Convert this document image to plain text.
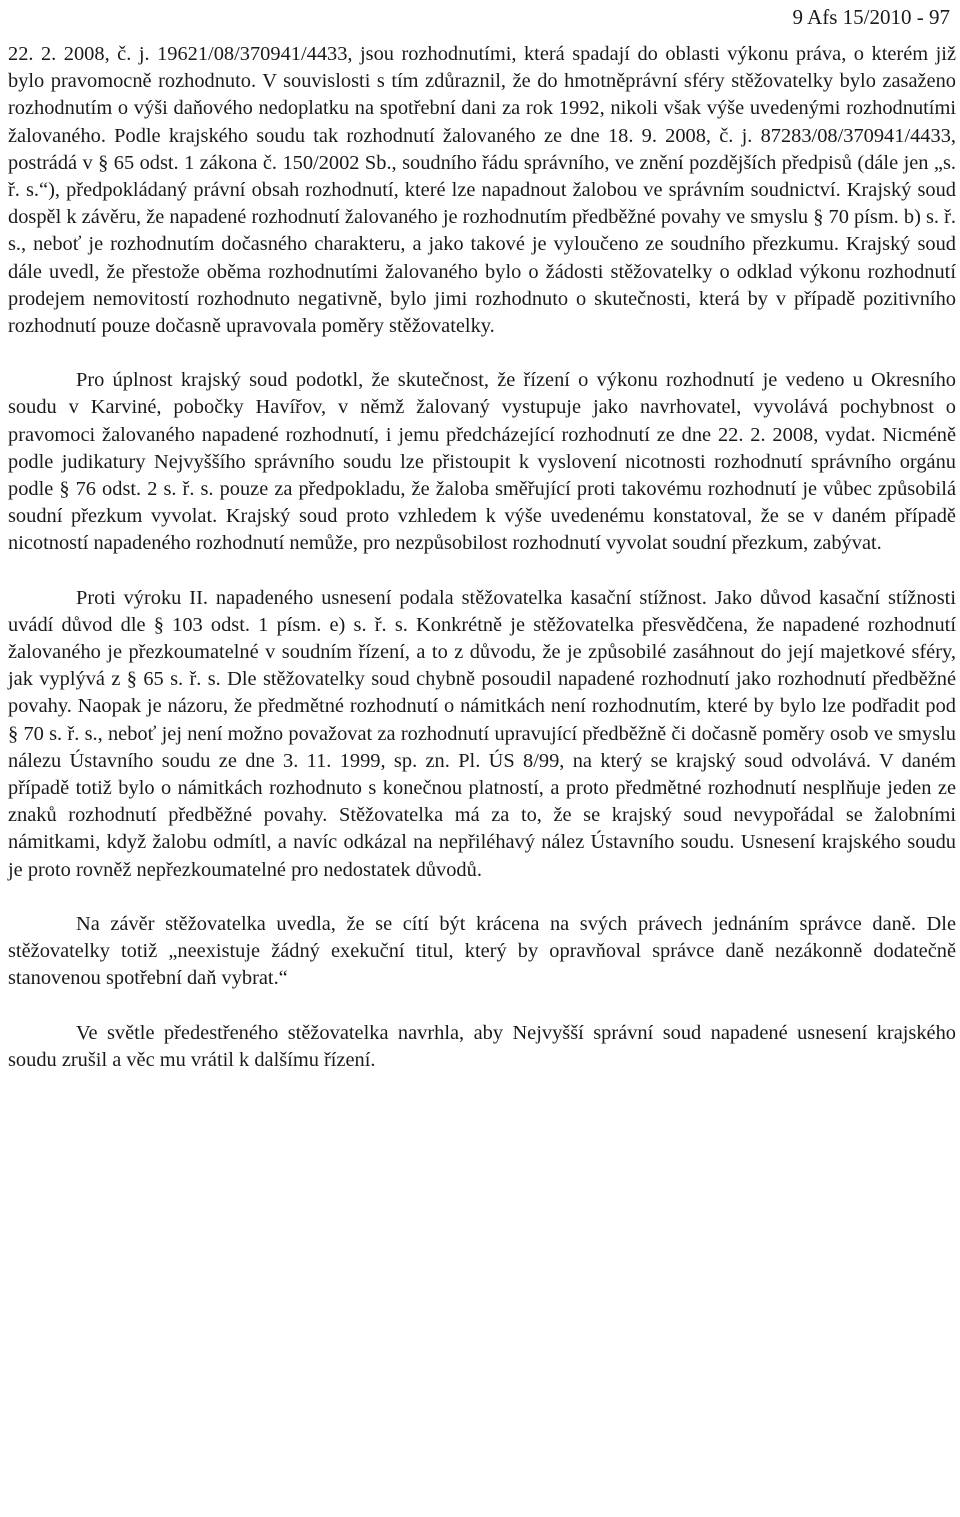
9 Afs 15/2010 - 97

22. 2. 2008, č. j. 19621/08/370941/4433, jsou rozhodnutími, která spadají do oblasti výkonu práva, o kterém již bylo pravomocně rozhodnuto. V souvislosti s tím zdůraznil, že do hmotněprávní sféry stěžovatelky bylo zasaženo rozhodnutím o výši daňového nedoplatku na spotřební dani za rok 1992, nikoli však výše uvedenými rozhodnutími žalovaného. Podle krajského soudu tak rozhodnutí žalovaného ze dne 18. 9. 2008, č. j. 87283/08/370941/4433, postrádá v § 65 odst. 1 zákona č. 150/2002 Sb., soudního řádu správního, ve znění pozdějších předpisů (dále jen „s. ř. s.“), předpokládaný právní obsah rozhodnutí, které lze napadnout žalobou ve správním soudnictví. Krajský soud dospěl k závěru, že napadené rozhodnutí žalovaného je rozhodnutím předběžné povahy ve smyslu § 70 písm. b) s. ř. s., neboť je rozhodnutím dočasného charakteru, a jako takové je vyloučeno ze soudního přezkumu. Krajský soud dále uvedl, že přestože oběma rozhodnutími žalovaného bylo o žádosti stěžovatelky o odklad výkonu rozhodnutí prodejem nemovitostí rozhodnuto negativně, bylo jimi rozhodnuto o skutečnosti, která by v případě pozitivního rozhodnutí pouze dočasně upravovala poměry stěžovatelky.

Pro úplnost krajský soud podotkl, že skutečnost, že řízení o výkonu rozhodnutí je vedeno u Okresního soudu v Karviné, pobočky Havířov, v němž žalovaný vystupuje jako navrhovatel, vyvolává pochybnost o pravomoci žalovaného napadené rozhodnutí, i jemu předcházející rozhodnutí ze dne 22. 2. 2008, vydat. Nicméně podle judikatury Nejvyššího správního soudu lze přistoupit k vyslovení nicotnosti rozhodnutí správního orgánu podle § 76 odst. 2 s. ř. s. pouze za předpokladu, že žaloba směřující proti takovému rozhodnutí je vůbec způsobilá soudní přezkum vyvolat. Krajský soud proto vzhledem k výše uvedenému konstatoval, že se v daném případě nicotností napadeného rozhodnutí nemůže, pro nezpůsobilost rozhodnutí vyvolat soudní přezkum, zabývat.

Proti výroku II. napadeného usnesení podala stěžovatelka kasační stížnost. Jako důvod kasační stížnosti uvádí důvod dle § 103 odst. 1 písm. e) s. ř. s. Konkrétně je stěžovatelka přesvědčena, že napadené rozhodnutí žalovaného je přezkoumatelné v soudním řízení, a to z důvodu, že je způsobilé zasáhnout do její majetkové sféry, jak vyplývá z § 65 s. ř. s. Dle stěžovatelky soud chybně posoudil napadené rozhodnutí jako rozhodnutí předběžné povahy. Naopak je názoru, že předmětné rozhodnutí o námitkách není rozhodnutím, které by bylo lze podřadit pod § 70 s. ř. s., neboť jej není možno považovat za rozhodnutí upravující předběžně či dočasně poměry osob ve smyslu nálezu Ústavního soudu ze dne 3. 11. 1999, sp. zn. Pl. ÚS 8/99, na který se krajský soud odvolává. V daném případě totiž bylo o námitkách rozhodnuto s konečnou platností, a proto předmětné rozhodnutí nesplňuje jeden ze znaků rozhodnutí předběžné povahy. Stěžovatelka má za to, že se krajský soud nevypořádal se žalobními námitkami, když žalobu odmítl, a navíc odkázal na nepřiléhavý nález Ústavního soudu. Usnesení krajského soudu je proto rovněž nepřezkoumatelné pro nedostatek důvodů.

Na závěr stěžovatelka uvedla, že se cítí být krácena na svých právech jednáním správce daně. Dle stěžovatelky totiž „neexistuje žádný exekuční titul, který by opravňoval správce daně nezákonně dodatečně stanovenou spotřební daň vybrat.“

Ve světle předestřeného stěžovatelka navrhla, aby Nejvyšší správní soud napadené usnesení krajského soudu zrušil a věc mu vrátil k dalšímu řízení.
